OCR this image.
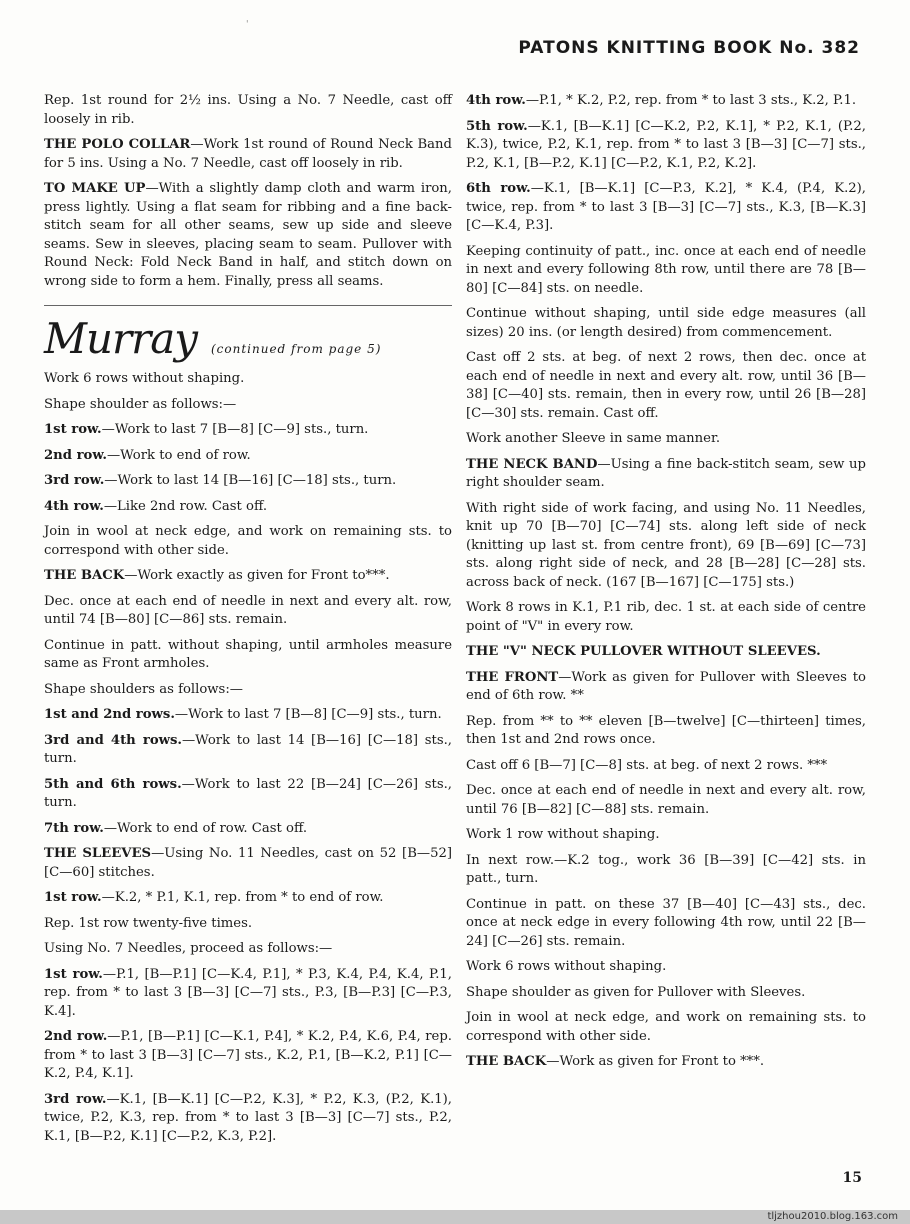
'
PATONS KNITTING BOOK No. 382

Rep. 1st round for 2½ ins. Using a No. 7 Needle, cast off loosely in rib.

THE POLO COLLAR—Work 1st round of Round Neck Band for 5 ins. Using a No. 7 Needle, cast off loosely in rib.

TO MAKE UP—With a slightly damp cloth and warm iron, press lightly. Using a flat seam for ribbing and a fine back-stitch seam for all other seams, sew up side and sleeve seams. Sew in sleeves, placing seam to seam. Pullover with Round Neck: Fold Neck Band in half, and stitch down on wrong side to form a hem. Finally, press all seams.

Murray (continued from page 5)

Work 6 rows without shaping.

Shape shoulder as follows:—

1st row.—Work to last 7 [B—8] [C—9] sts., turn.

2nd row.—Work to end of row.

3rd row.—Work to last 14 [B—16] [C—18] sts., turn.

4th row.—Like 2nd row. Cast off.

Join in wool at neck edge, and work on remaining sts. to correspond with other side.

THE BACK—Work exactly as given for Front to***.

Dec. once at each end of needle in next and every alt. row, until 74 [B—80] [C—86] sts. remain.

Continue in patt. without shaping, until armholes measure same as Front armholes.

Shape shoulders as follows:—

1st and 2nd rows.—Work to last 7 [B—8] [C—9] sts., turn.

3rd and 4th rows.—Work to last 14 [B—16] [C—18] sts., turn.

5th and 6th rows.—Work to last 22 [B—24] [C—26] sts., turn.

7th row.—Work to end of row. Cast off.

THE SLEEVES—Using No. 11 Needles, cast on 52 [B—52] [C—60] stitches.

1st row.—K.2, * P.1, K.1, rep. from * to end of row.

Rep. 1st row twenty-five times.

Using No. 7 Needles, proceed as follows:—

1st row.—P.1, [B—P.1] [C—K.4, P.1], * P.3, K.4, P.4, K.4, P.1, rep. from * to last 3 [B—3] [C—7] sts., P.3, [B—P.3] [C—P.3, K.4].

2nd row.—P.1, [B—P.1] [C—K.1, P.4], * K.2, P.4, K.6, P.4, rep. from * to last 3 [B—3] [C—7] sts., K.2, P.1, [B—K.2, P.1] [C—K.2, P.4, K.1].

3rd row.—K.1, [B—K.1] [C—P.2, K.3], * P.2, K.3, (P.2, K.1), twice, P.2, K.3, rep. from * to last 3 [B—3] [C—7] sts., P.2, K.1, [B—P.2, K.1] [C—P.2, K.3, P.2].

4th row.—P.1, * K.2, P.2, rep. from * to last 3 sts., K.2, P.1.

5th row.—K.1, [B—K.1] [C—K.2, P.2, K.1], * P.2, K.1, (P.2, K.3), twice, P.2, K.1, rep. from * to last 3 [B—3] [C—7] sts., P.2, K.1, [B—P.2, K.1] [C—P.2, K.1, P.2, K.2].

6th row.—K.1, [B—K.1] [C—P.3, K.2], * K.4, (P.4, K.2), twice, rep. from * to last 3 [B—3] [C—7] sts., K.3, [B—K.3] [C—K.4, P.3].

Keeping continuity of patt., inc. once at each end of needle in next and every following 8th row, until there are 78 [B—80] [C—84] sts. on needle.

Continue without shaping, until side edge measures (all sizes) 20 ins. (or length desired) from commencement.

Cast off 2 sts. at beg. of next 2 rows, then dec. once at each end of needle in next and every alt. row, until 36 [B—38] [C—40] sts. remain, then in every row, until 26 [B—28] [C—30] sts. remain. Cast off.

Work another Sleeve in same manner.

THE NECK BAND—Using a fine back-stitch seam, sew up right shoulder seam.

With right side of work facing, and using No. 11 Needles, knit up 70 [B—70] [C—74] sts. along left side of neck (knitting up last st. from centre front), 69 [B—69] [C—73] sts. along right side of neck, and 28 [B—28] [C—28] sts. across back of neck. (167 [B—167] [C—175] sts.)

Work 8 rows in K.1, P.1 rib, dec. 1 st. at each side of centre point of "V" in every row.

THE "V" NECK PULLOVER WITHOUT SLEEVES.

THE FRONT—Work as given for Pullover with Sleeves to end of 6th row. **

Rep. from ** to ** eleven [B—twelve] [C—thirteen] times, then 1st and 2nd rows once.

Cast off 6 [B—7] [C—8] sts. at beg. of next 2 rows. ***

Dec. once at each end of needle in next and every alt. row, until 76 [B—82] [C—88] sts. remain.

Work 1 row without shaping.

In next row.—K.2 tog., work 36 [B—39] [C—42] sts. in patt., turn.

Continue in patt. on these 37 [B—40] [C—43] sts., dec. once at neck edge in every following 4th row, until 22 [B—24] [C—26] sts. remain.

Work 6 rows without shaping.

Shape shoulder as given for Pullover with Sleeves.

Join in wool at neck edge, and work on remaining sts. to correspond with other side.

THE BACK—Work as given for Front to ***.

15
tljzhou2010.blog.163.com
